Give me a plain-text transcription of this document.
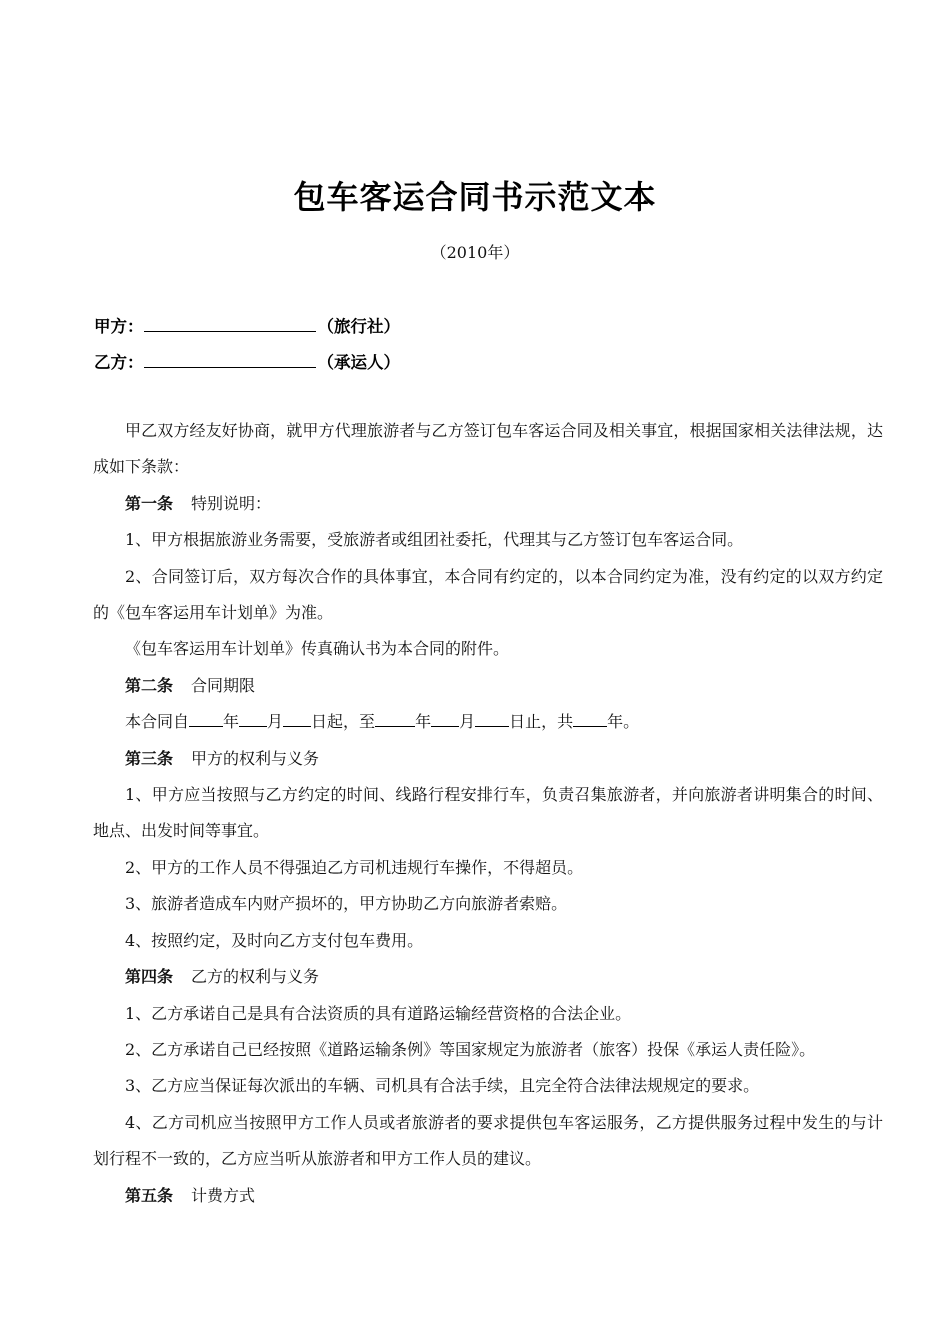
包车客运合同书示范文本
（2010年）
甲方：	（旅行社）
乙方：	（承运人）

甲乙双方经友好协商，就甲方代理旅游者与乙方签订包车客运合同及相关事宜，根据国家相关法律法规，达成如下条款：

第一条 特别说明：

1、甲方根据旅游业务需要，受旅游者或组团社委托，代理其与乙方签订包车客运合同。

2、合同签订后，双方每次合作的具体事宜，本合同有约定的，以本合同约定为准，没有约定的以双方约定的《包车客运用车计划单》为准。

《包车客运用车计划单》传真确认书为本合同的附件。

第二条 合同期限

本合同自 年 月 日起，至	年 月 日止，共 年。

第三条 甲方的权利与义务

1、甲方应当按照与乙方约定的时间、线路行程安排行车，负责召集旅游者，并向旅游者讲明集合的时间、地点、出发时间等事宜。

2、甲方的工作人员不得强迫乙方司机违规行车操作，不得超员。

3、旅游者造成车内财产损坏的，甲方协助乙方向旅游者索赔。

4、按照约定，及时向乙方支付包车费用。

第四条 乙方的权利与义务

1、乙方承诺自己是具有合法资质的具有道路运输经营资格的合法企业。

2、乙方承诺自己已经按照《道路运输条例》等国家规定为旅游者（旅客）投保《承运人责任险》。

3、乙方应当保证每次派出的车辆、司机具有合法手续，且完全符合法律法规规定的要求。

4、乙方司机应当按照甲方工作人员或者旅游者的要求提供包车客运服务，乙方提供服务过程中发生的与计划行程不一致的，乙方应当听从旅游者和甲方工作人员的建议。

第五条 计费方式
